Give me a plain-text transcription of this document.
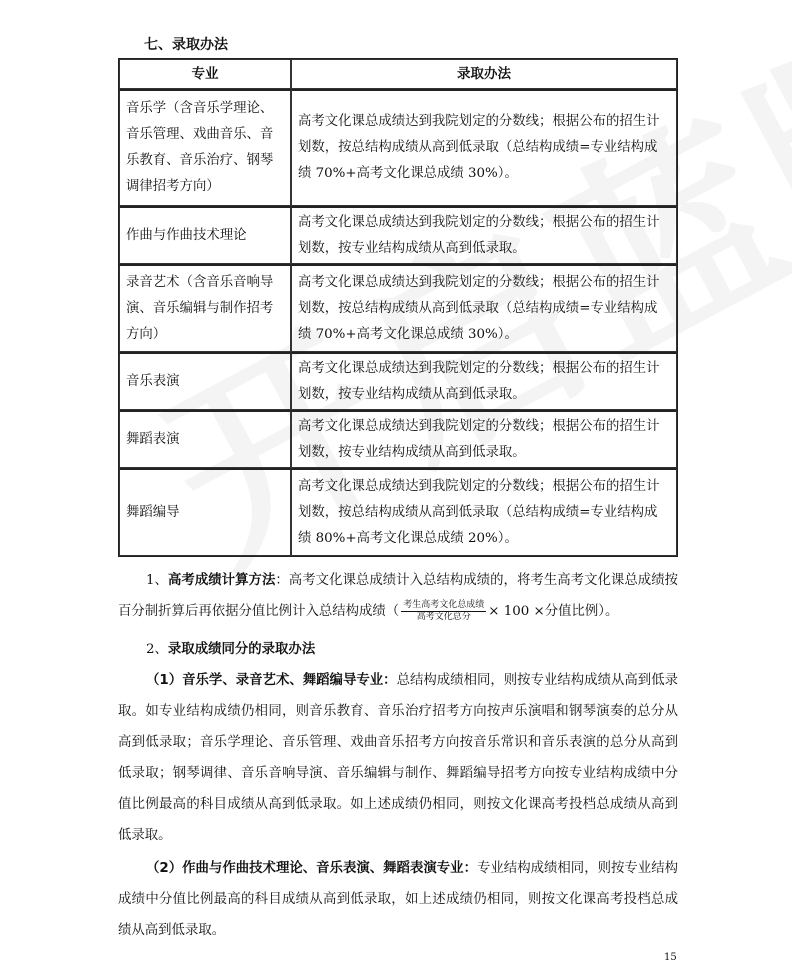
七、录取办法
专业	录取办法
音乐学（含音乐学理论、音乐管理、戏曲音乐、音乐教育、音乐治疗、钢琴调律招考方向）	高考文化课总成绩达到我院划定的分数线；根据公布的招生计划数，按总结构成绩从高到低录取（总结构成绩=专业结构成绩 70%+高考文化课总成绩 30%）。
作曲与作曲技术理论	高考文化课总成绩达到我院划定的分数线；根据公布的招生计划数，按专业结构成绩从高到低录取。
录音艺术（含音乐音响导演、音乐编辑与制作招考方向）	高考文化课总成绩达到我院划定的分数线；根据公布的招生计划数，按总结构成绩从高到低录取（总结构成绩=专业结构成绩 70%+高考文化课总成绩 30%）。
音乐表演	高考文化课总成绩达到我院划定的分数线；根据公布的招生计划数，按专业结构成绩从高到低录取。
舞蹈表演	高考文化课总成绩达到我院划定的分数线；根据公布的招生计划数，按专业结构成绩从高到低录取。
舞蹈编导	高考文化课总成绩达到我院划定的分数线；根据公布的招生计划数，按总结构成绩从高到低录取（总结构成绩=专业结构成绩 80%+高考文化课总成绩 20%）。
1、高考成绩计算方法：高考文化课总成绩计入总结构成绩的，将考生高考文化课总成绩按百分制折算后再依据分值比例计入总结构成绩（ $\frac{\text{考生高考文化总成绩}}{\text{高考文化总分}} \times 100$ ×分值比例）。
2、录取成绩同分的录取办法
（1）音乐学、录音艺术、舞蹈编导专业：总结构成绩相同，则按专业结构成绩从高到低录取。如专业结构成绩仍相同，则音乐教育、音乐治疗招考方向按声乐演唱和钢琴演奏的总分从高到低录取；音乐学理论、音乐管理、戏曲音乐招考方向按音乐常识和音乐表演的总分从高到低录取；钢琴调律、音乐音响导演、音乐编辑与制作、舞蹈编导招考方向按专业结构成绩中分值比例最高的科目成绩从高到低录取。如上述成绩仍相同，则按文化课高考投档总成绩从高到低录取。
（2）作曲与作曲技术理论、音乐表演、舞蹈表演专业：专业结构成绩相同，则按专业结构成绩中分值比例最高的科目成绩从高到低录取，如上述成绩仍相同，则按文化课高考投档总成绩从高到低录取。
15
